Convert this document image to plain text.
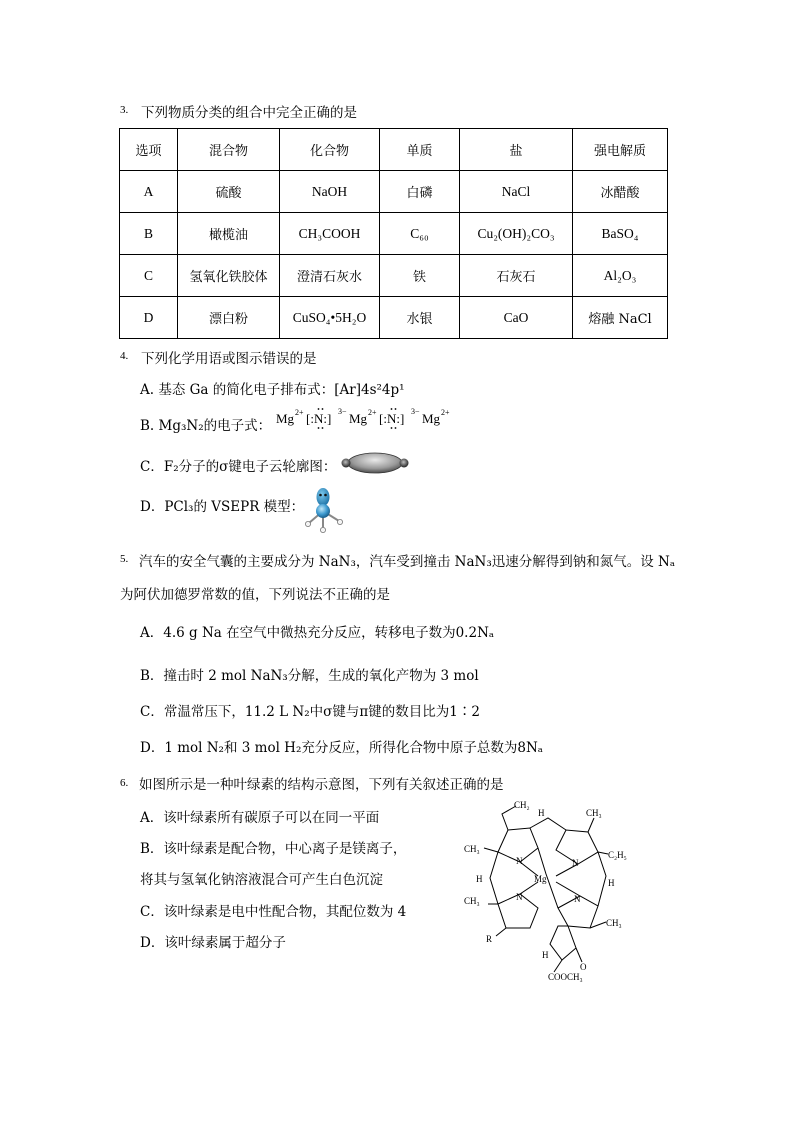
3. 下列物质分类的组合中完全正确的是
选项	混合物	化合物	单质	盐	强电解质
A	硫酸	NaOH	白磷	NaCl	冰醋酸
B	橄榄油	CH₃COOH	C₆₀	Cu₂(OH)₂CO₃	BaSO₄
C	氢氧化铁胶体	澄清石灰水	铁	石灰石	Al₂O₃
D	漂白粉	CuSO₄•5H₂O	水银	CaO	熔融 NaCl
4. 下列化学用语或图示错误的是
A. 基态 Ga 的简化电子排布式：[Ar]4s²4p¹
B. Mg₃N₂的电子式： Mg 2+ [:N:] 3− Mg 2+ [:N:] 3− Mg 2+
C．F₂分子的σ键电子云轮廓图：
D．PCl₃的 VSEPR 模型：
5. 汽车的安全气囊的主要成分为 NaN₃，汽车受到撞击 NaN₃迅速分解得到钠和氮气。设 Nₐ
为阿伏加德罗常数的值，下列说法不正确的是
A．4.6 g Na 在空气中微热充分反应，转移电子数为0.2Nₐ
B．撞击时 2 mol NaN₃分解，生成的氧化产物为 3 mol
C．常温常压下，11.2 L N₂中σ键与π键的数目比为1∶2
D．1 mol N₂和 3 mol H₂充分反应，所得化合物中原子总数为8Nₐ
6. 如图所示是一种叶绿素的结构示意图，下列有关叙述正确的是
A．该叶绿素所有碳原子可以在同一平面
B．该叶绿素是配合物，中心离子是镁离子，
将其与氢氧化钠溶液混合可产生白色沉淀
C．该叶绿素是电中性配合物，其配位数为 4
D．该叶绿素属于超分子
CH₂
H	CH₃
CH₃
C₂H₅
H	H
Mg
N	N
N	N
CH₃
R
CH₃
H
O
COOCH₃
